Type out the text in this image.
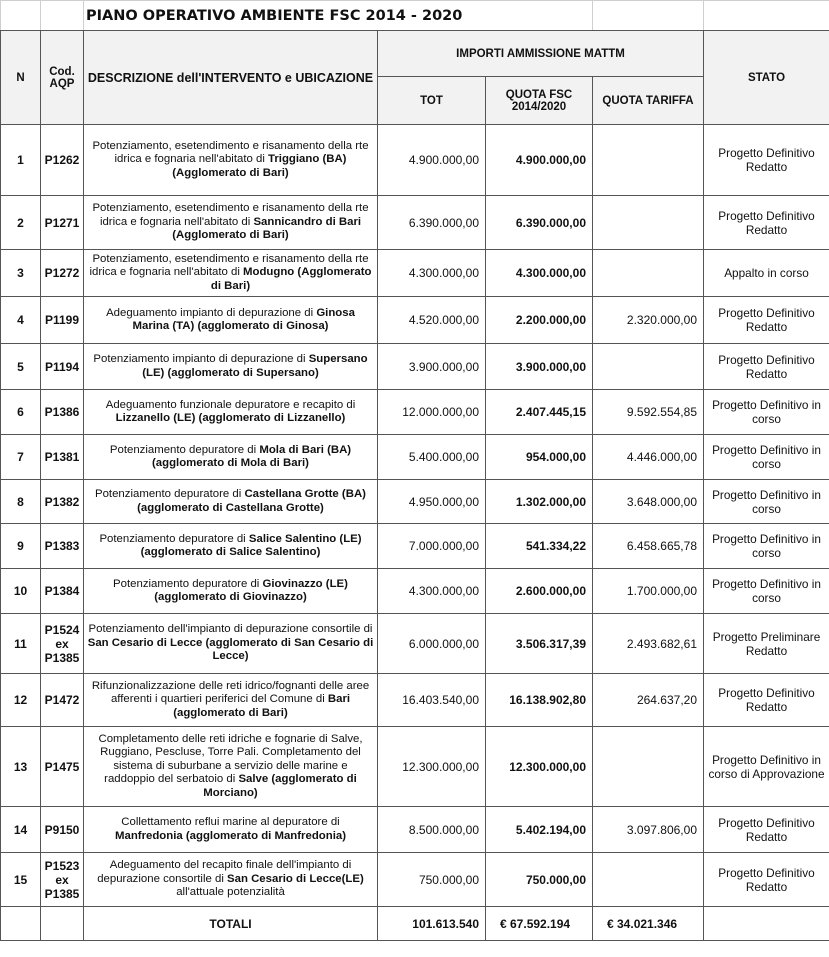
		PIANO OPERATIVO AMBIENTE FSC 2014 - 2020				
N	Cod. AQP	DESCRIZIONE dell'INTERVENTO e UBICAZIONE	IMPORTI AMMISSIONE MATTM			STATO
			TOT	QUOTA FSC 2014/2020	QUOTA TARIFFA	
1	P1262	Potenziamento, esetendimento e risanamento della rte idrica e fognaria nell'abitato di Triggiano (BA) (Agglomerato di Bari)	4.900.000,00	4.900.000,00		Progetto Definitivo Redatto
2	P1271	Potenziamento, esetendimento e risanamento della rte idrica e fognaria nell'abitato di Sannicandro di Bari (Agglomerato di Bari)	6.390.000,00	6.390.000,00		Progetto Definitivo Redatto
3	P1272	Potenziamento, esetendimento e risanamento della rte idrica e fognaria nell'abitato di Modugno (Agglomerato di Bari)	4.300.000,00	4.300.000,00		Appalto in corso
4	P1199	Adeguamento impianto di depurazione di Ginosa Marina (TA) (agglomerato di Ginosa)	4.520.000,00	2.200.000,00	2.320.000,00	Progetto Definitivo Redatto
5	P1194	Potenziamento impianto di depurazione di Supersano (LE) (agglomerato di Supersano)	3.900.000,00	3.900.000,00		Progetto Definitivo Redatto
6	P1386	Adeguamento funzionale depuratore e recapito di Lizzanello (LE) (agglomerato di Lizzanello)	12.000.000,00	2.407.445,15	9.592.554,85	Progetto Definitivo in corso
7	P1381	Potenziamento depuratore di Mola di Bari (BA) (agglomerato di Mola di Bari)	5.400.000,00	954.000,00	4.446.000,00	Progetto Definitivo in corso
8	P1382	Potenziamento depuratore di Castellana Grotte (BA) (agglomerato di Castellana Grotte)	4.950.000,00	1.302.000,00	3.648.000,00	Progetto Definitivo in corso
9	P1383	Potenziamento depuratore di Salice Salentino (LE) (agglomerato di Salice Salentino)	7.000.000,00	541.334,22	6.458.665,78	Progetto Definitivo in corso
10	P1384	Potenziamento depuratore di Giovinazzo (LE) (agglomerato di Giovinazzo)	4.300.000,00	2.600.000,00	1.700.000,00	Progetto Definitivo in corso
11	P1524 ex P1385	Potenziamento dell'impianto di depurazione consortile di San Cesario di Lecce (agglomerato di San Cesario di Lecce)	6.000.000,00	3.506.317,39	2.493.682,61	Progetto Preliminare Redatto
12	P1472	Rifunzionalizzazione delle reti idrico/fognanti delle aree afferenti i quartieri periferici del Comune di Bari (agglomerato di Bari)	16.403.540,00	16.138.902,80	264.637,20	Progetto Definitivo Redatto
13	P1475	Completamento delle reti idriche e fognarie di Salve, Ruggiano, Pescluse, Torre Pali. Completamento del sistema di suburbane a servizio delle marine e raddoppio del serbatoio di Salve (agglomerato di Morciano)	12.300.000,00	12.300.000,00		Progetto Definitivo in corso di Approvazione
14	P9150	Collettamento reflui marine al depuratore di Manfredonia (agglomerato di Manfredonia)	8.500.000,00	5.402.194,00	3.097.806,00	Progetto Definitivo Redatto
15	P1523 ex P1385	Adeguamento del recapito finale dell'impianto di depurazione consortile di San Cesario di Lecce(LE) all'attuale potenzialità	750.000,00	750.000,00		Progetto Definitivo Redatto
		TOTALI	101.613.540	€ 67.592.194	€ 34.021.346	
